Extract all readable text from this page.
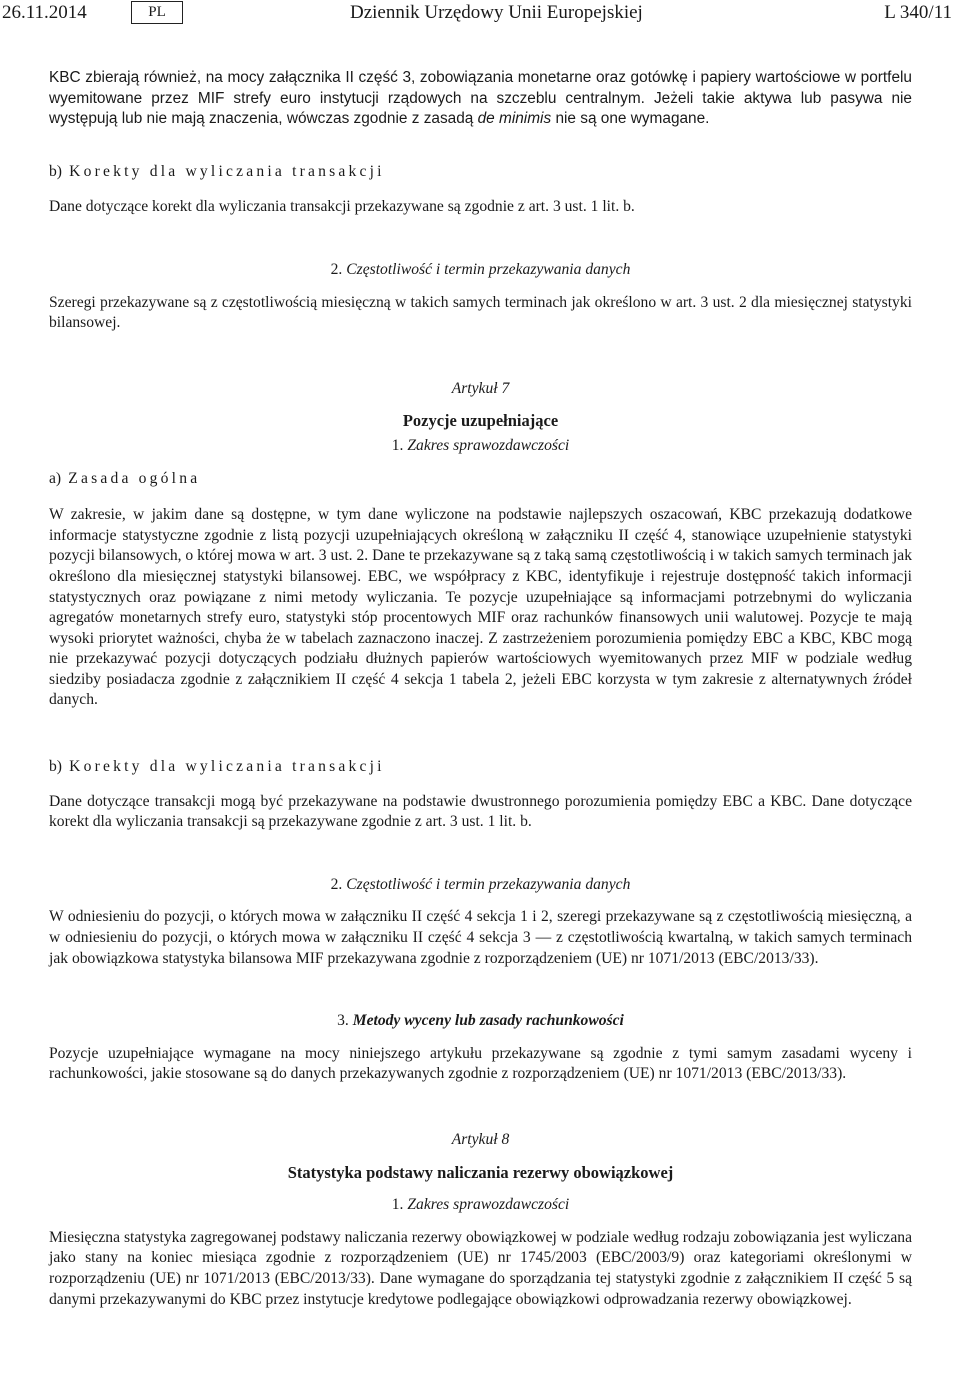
26.11.2014	PL	Dziennik Urzędowy Unii Europejskiej	L 340/11

KBC zbierają również, na mocy załącznika II część 3, zobowiązania monetarne oraz gotówkę i papiery wartościowe w portfelu wyemitowane przez MIF strefy euro instytucji rządowych na szczeblu centralnym. Jeżeli takie aktywa lub pasywa nie występują lub nie mają znaczenia, wówczas zgodnie z zasadą de minimis nie są one wymagane.

b) Korekty dla wyliczania transakcji

Dane dotyczące korekt dla wyliczania transakcji przekazywane są zgodnie z art. 3 ust. 1 lit. b.

2. Częstotliwość i termin przekazywania danych

Szeregi przekazywane są z częstotliwością miesięczną w takich samych terminach jak określono w art. 3 ust. 2 dla miesięcznej statystyki bilansowej.

Artykuł 7

Pozycje uzupełniające

1. Zakres sprawozdawczości

a) Zasada ogólna

W zakresie, w jakim dane są dostępne, w tym dane wyliczone na podstawie najlepszych oszacowań, KBC przekazują dodatkowe informacje statystyczne zgodnie z listą pozycji uzupełniających określoną w załączniku II część 4, stanowiące uzupełnienie statystyki pozycji bilansowych, o której mowa w art. 3 ust. 2. Dane te przekazywane są z taką samą częstotliwością i w takich samych terminach jak określono dla miesięcznej statystyki bilansowej. EBC, we współpracy z KBC, identyfikuje i rejestruje dostępność takich informacji statystycznych oraz powiązane z nimi metody wyliczania. Te pozycje uzupełniające są informacjami potrzebnymi do wyliczania agregatów monetarnych strefy euro, statystyki stóp procentowych MIF oraz rachunków finansowych unii walutowej. Pozycje te mają wysoki priorytet ważności, chyba że w tabelach zaznaczono inaczej. Z zastrzeżeniem porozumienia pomiędzy EBC a KBC, KBC mogą nie przekazywać pozycji dotyczących podziału dłużnych papierów wartościowych wyemitowanych przez MIF w podziale według siedziby posiadacza zgodnie z załącznikiem II część 4 sekcja 1 tabela 2, jeżeli EBC korzysta w tym zakresie z alternatywnych źródeł danych.

b) Korekty dla wyliczania transakcji

Dane dotyczące transakcji mogą być przekazywane na podstawie dwustronnego porozumienia pomiędzy EBC a KBC. Dane dotyczące korekt dla wyliczania transakcji są przekazywane zgodnie z art. 3 ust. 1 lit. b.

2. Częstotliwość i termin przekazywania danych

W odniesieniu do pozycji, o których mowa w załączniku II część 4 sekcja 1 i 2, szeregi przekazywane są z częstotliwością miesięczną, a w odniesieniu do pozycji, o których mowa w załączniku II część 4 sekcja 3 — z częstotliwością kwartalną, w takich samych terminach jak obowiązkowa statystyka bilansowa MIF przekazywana zgodnie z rozporządzeniem (UE) nr 1071/2013 (EBC/2013/33).

3. Metody wyceny lub zasady rachunkowości

Pozycje uzupełniające wymagane na mocy niniejszego artykułu przekazywane są zgodnie z tymi samym zasadami wyceny i rachunkowości, jakie stosowane są do danych przekazywanych zgodnie z rozporządzeniem (UE) nr 1071/2013 (EBC/2013/33).

Artykuł 8

Statystyka podstawy naliczania rezerwy obowiązkowej

1. Zakres sprawozdawczości

Miesięczna statystyka zagregowanej podstawy naliczania rezerwy obowiązkowej w podziale według rodzaju zobowiązania jest wyliczana jako stany na koniec miesiąca zgodnie z rozporządzeniem (UE) nr 1745/2003 (EBC/2003/9) oraz kategoriami określonymi w rozporządzeniu (UE) nr 1071/2013 (EBC/2013/33). Dane wymagane do sporządzania tej statystyki zgodnie z załącznikiem II część 5 są danymi przekazywanymi do KBC przez instytucje kredytowe podlegające obowiązkowi odprowadzania rezerwy obowiązkowej.
